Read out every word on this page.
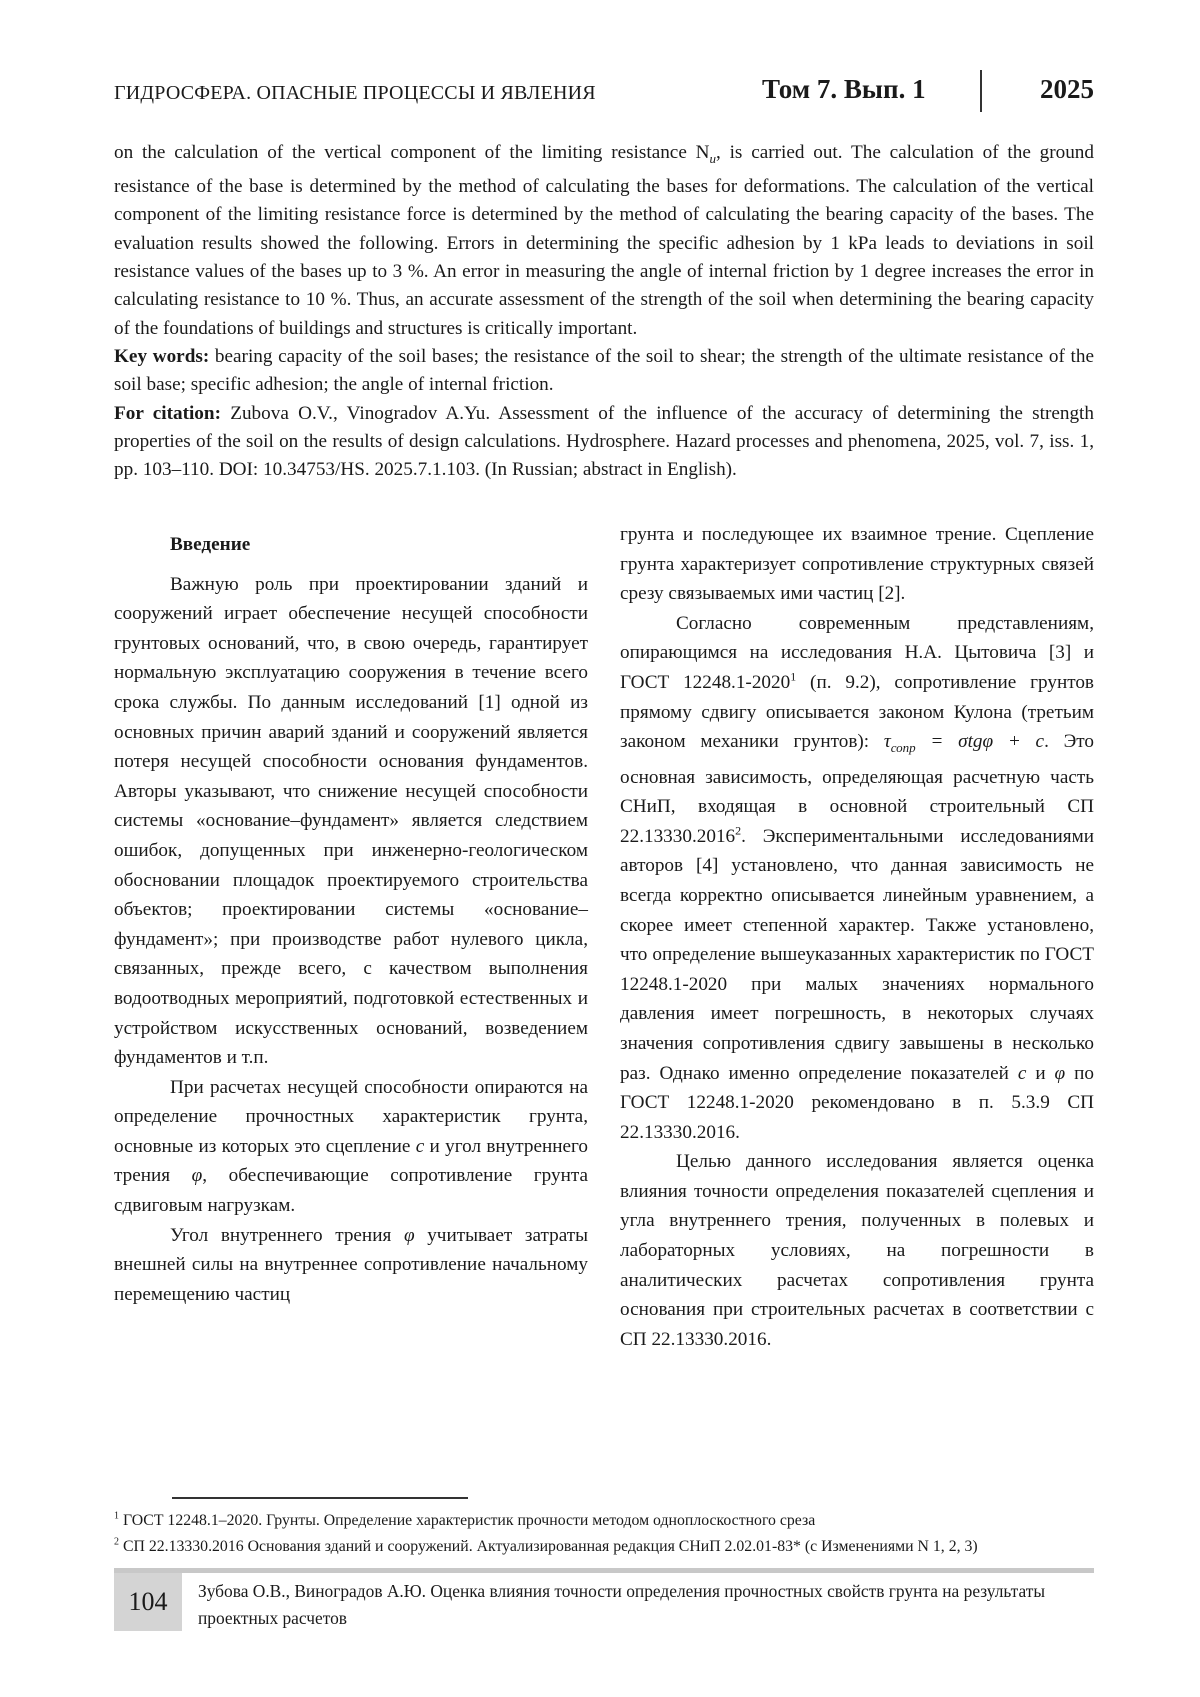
ГИДРОСФЕРА. ОПАСНЫЕ ПРОЦЕССЫ И ЯВЛЕНИЯ	Том 7. Вып. 1	2025

on the calculation of the vertical component of the limiting resistance $N_u$, is carried out. The calculation of the ground resistance of the base is determined by the method of calculating the bases for deformations. The calculation of the vertical component of the limiting resistance force is determined by the method of calculating the bearing capacity of the bases. The evaluation results showed the following. Errors in determining the specific adhesion by 1 kPa leads to deviations in soil resistance values of the bases up to 3 %. An error in measuring the angle of internal friction by 1 degree increases the error in calculating resistance to 10 %. Thus, an accurate assessment of the strength of the soil when determining the bearing capacity of the foundations of buildings and structures is critically important.

Key words: bearing capacity of the soil bases; the resistance of the soil to shear; the strength of the ultimate resistance of the soil base; specific adhesion; the angle of internal friction.

For citation: Zubova O.V., Vinogradov A.Yu. Assessment of the influence of the accuracy of determining the strength properties of the soil on the results of design calculations. Hydrosphere. Hazard processes and phenomena, 2025, vol. 7, iss. 1, pp. 103–110. DOI: 10.34753/HS. 2025.7.1.103. (In Russian; abstract in English).

Введение

Важную роль при проектировании зданий и сооружений играет обеспечение несущей способности грунтовых оснований, что, в свою очередь, гарантирует нормальную эксплуатацию сооружения в течение всего срока службы. По данным исследований [1] одной из основных причин аварий зданий и сооружений является потеря несущей способности основания фундаментов. Авторы указывают, что снижение несущей способности системы «основание–фундамент» является следствием ошибок, допущенных при инженерно-геологическом обосновании площадок проектируемого строительства объектов; проектировании системы «основание–фундамент»; при производстве работ нулевого цикла, связанных, прежде всего, с качеством выполнения водоотводных мероприятий, подготовкой естественных и устройством искусственных оснований, возведением фундаментов и т.п.

При расчетах несущей способности опираются на определение прочностных характеристик грунта, основные из которых это сцепление c и угол внутреннего трения φ, обеспечивающие сопротивление грунта сдвиговым нагрузкам.

Угол внутреннего трения φ учитывает затраты внешней силы на внутреннее сопротивление начальному перемещению частиц

грунта и последующее их взаимное трение. Сцепление грунта характеризует сопротивление структурных связей срезу связываемых ими частиц [2].

Согласно современным представлениям, опирающимся на исследования Н.А. Цытовича [3] и ГОСТ 12248.1-2020$^1$ (п. 9.2), сопротивление грунтов прямому сдвигу описывается законом Кулона (третьим законом механики грунтов): $\tau_{сопр} = \sigma tg\varphi + c$. Это основная зависимость, определяющая расчетную часть СНиП, входящая в основной строительный СП 22.13330.2016$^2$. Экспериментальными исследованиями авторов [4] установлено, что данная зависимость не всегда корректно описывается линейным уравнением, а скорее имеет степенной характер. Также установлено, что определение вышеуказанных характеристик по ГОСТ 12248.1-2020 при малых значениях нормального давления имеет погрешность, в некоторых случаях значения сопротивления сдвигу завышены в несколько раз. Однако именно определение показателей c и φ по ГОСТ 12248.1-2020 рекомендовано в п. 5.3.9 СП 22.13330.2016.

Целью данного исследования является оценка влияния точности определения показателей сцепления и угла внутреннего трения, полученных в полевых и лабораторных условиях, на погрешности в аналитических расчетах сопротивления грунта основания при строительных расчетах в соответствии с СП 22.13330.2016.

$^1$ ГОСТ 12248.1–2020. Грунты. Определение характеристик прочности методом одноплоскостного среза
$^2$ СП 22.13330.2016 Основания зданий и сооружений. Актуализированная редакция СНиП 2.02.01-83* (с Изменениями N 1, 2, 3)
104	Зубова О.В., Виноградов А.Ю. Оценка влияния точности определения прочностных свойств грунта на результаты проектных расчетов
